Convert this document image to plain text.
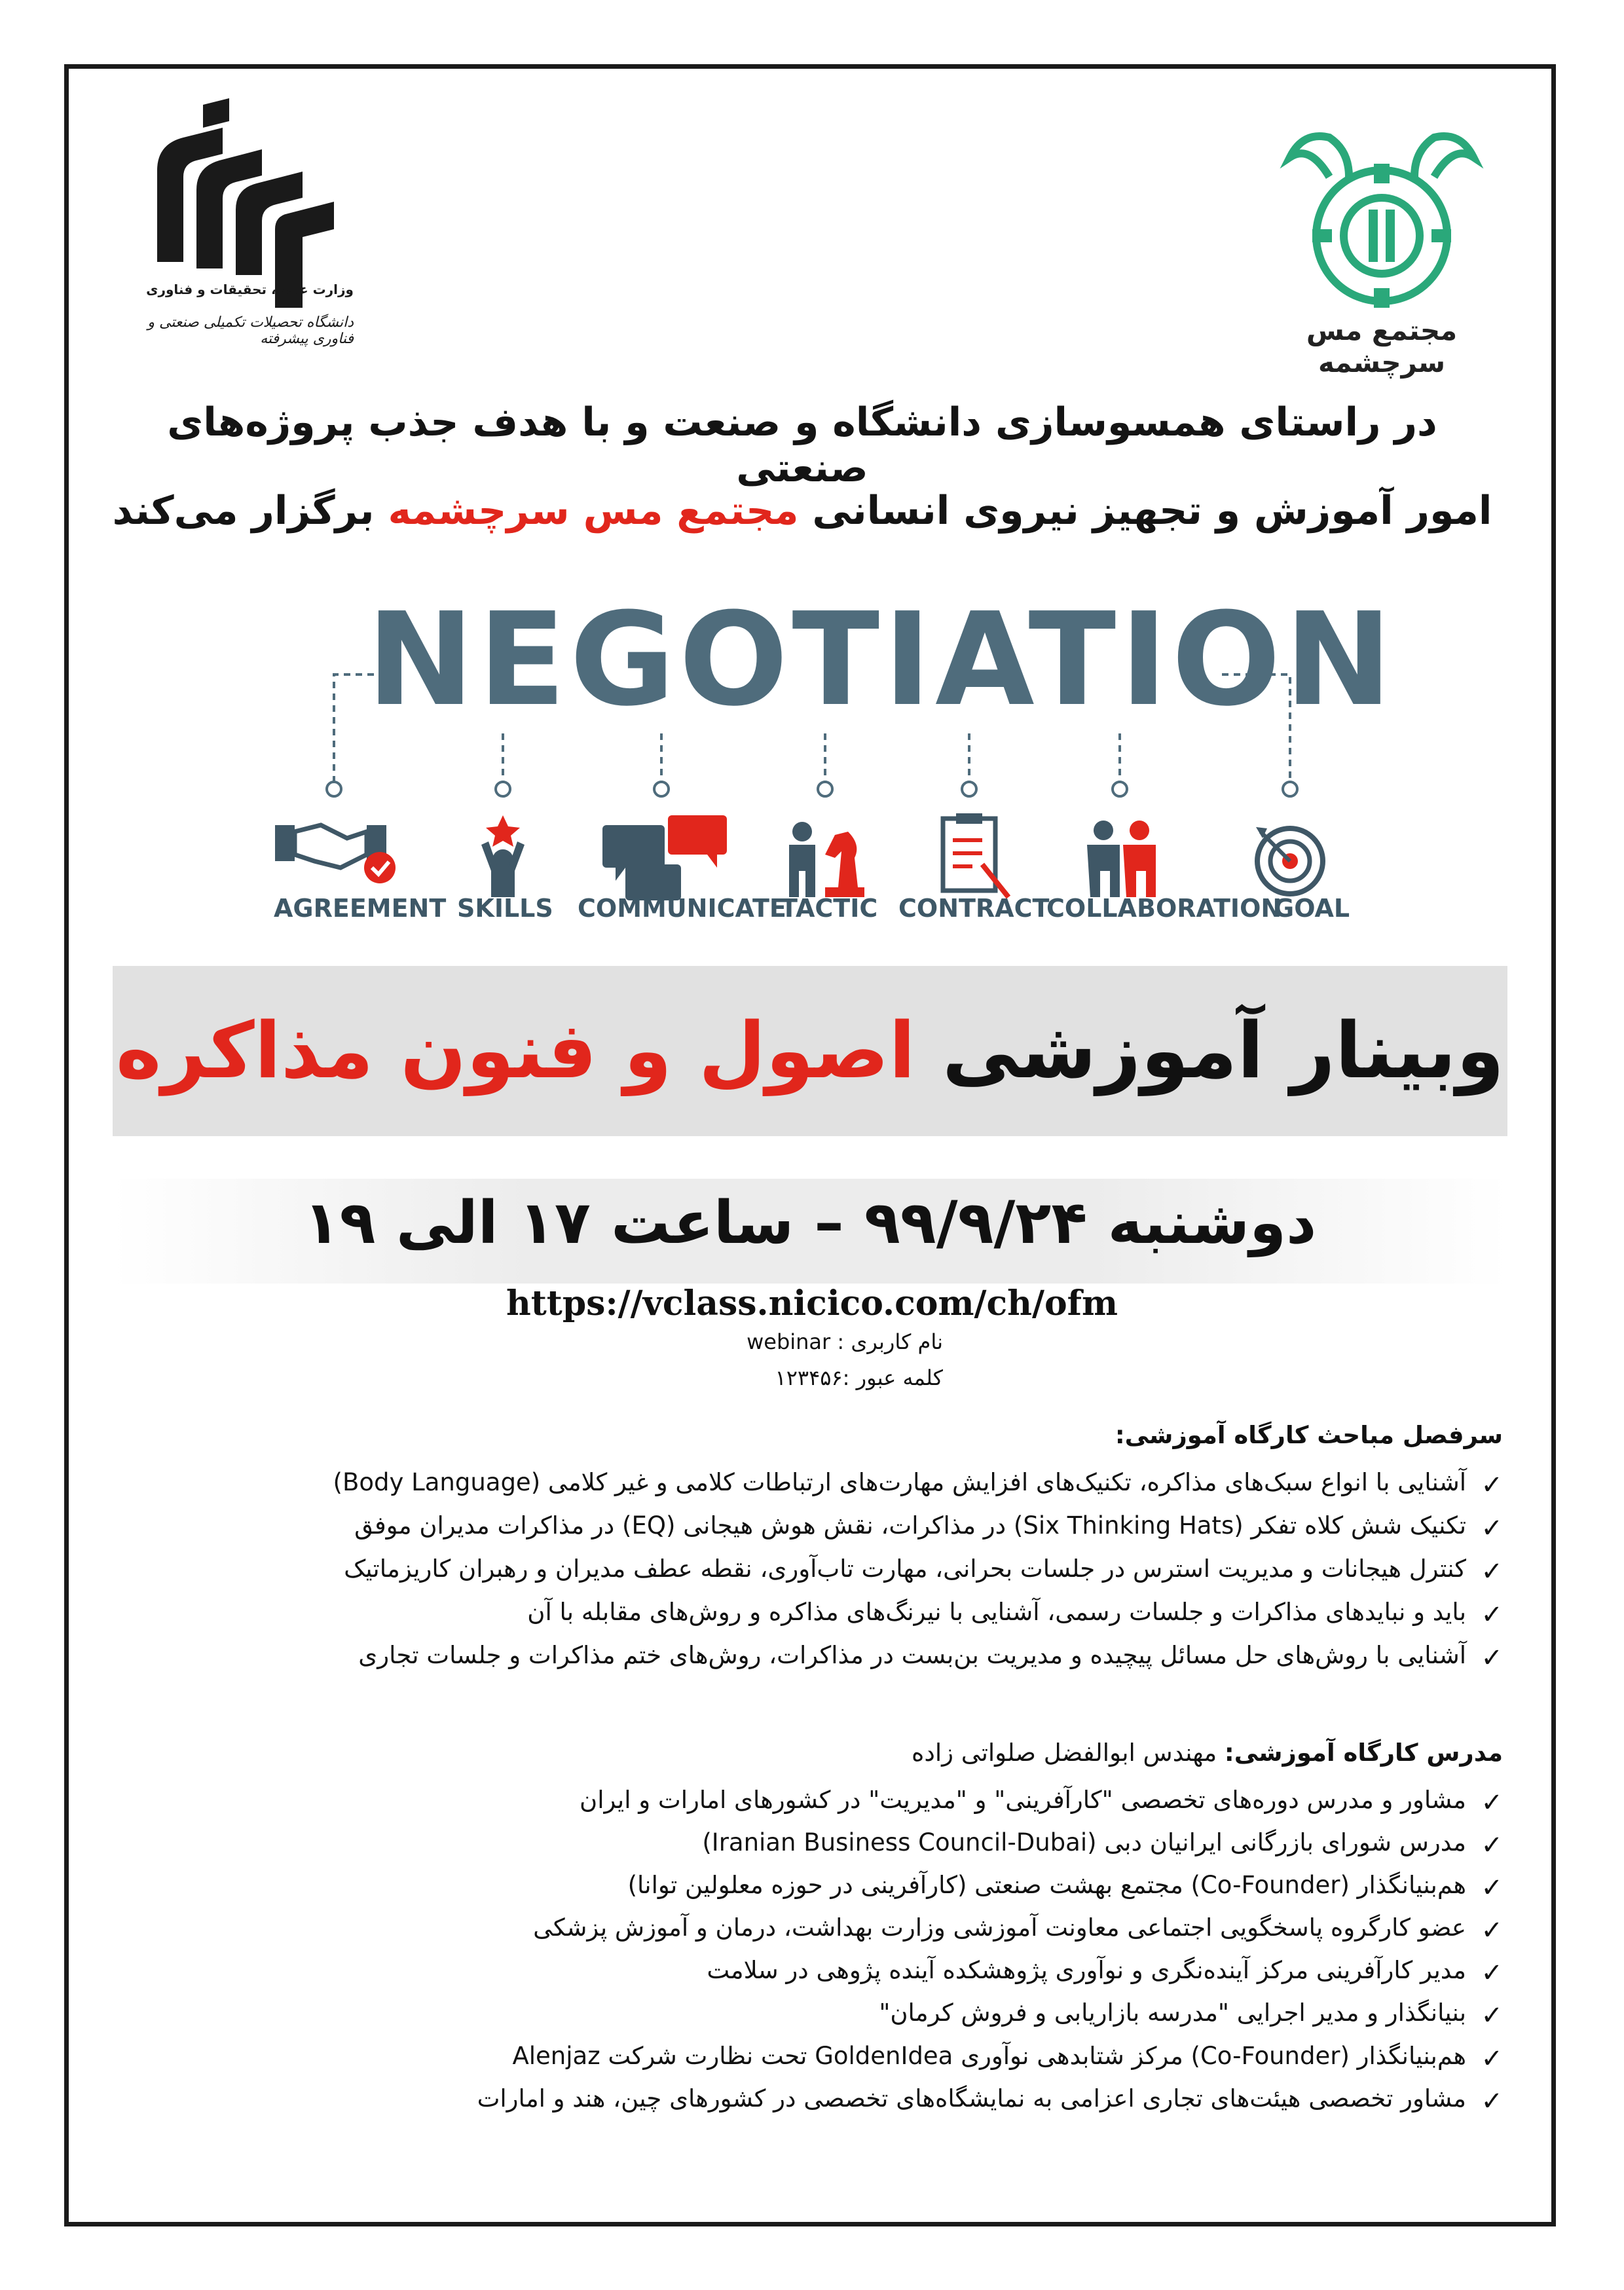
وزارت علوم، تحقیقات و فناوری
دانشگاه تحصیلات تکمیلی صنعتی و فناوری پیشرفته	مجتمع مس سرچشمه
در راستای همسوسازی دانشگاه و صنعت و با هدف جذب پروژه‌های صنعتی
امور آموزش و تجهیز نیروی انسانی مجتمع مس سرچشمه برگزار می‌کند
NEGOTIATION
AGREEMENT SKILLS COMMUNICATE
TACTIC CONTRACT
COLLABORATION
GOAL
وبینار آموزشی اصول و فنون مذاکره
دوشنبه ۹۹/۹/۲۴ – ساعت ۱۷ الی ۱۹
https://vclass.nicico.com/ch/ofm
نام کاربری : webinar
کلمه عبور :۱۲۳۴۵۶
سرفصل مباحث کارگاه آموزشی:
✓
آشنایی با انواع سبک‌های مذاکره، تکنیک‌های افزایش مهارت‌های ارتباطات کلامی و غیر کلامی (Body Language)
✓
تکنیک شش کلاه تفکر (Six Thinking Hats) در مذاکرات، نقش هوش هیجانی (EQ) در مذاکرات مدیران موفق
✓
کنترل هیجانات و مدیریت استرس در جلسات بحرانی، مهارت تاب‌آوری، نقطه عطف مدیران و رهبران کاریزماتیک
✓
باید و نبایدهای مذاکرات و جلسات رسمی، آشنایی با نیرنگ‌های مذاکره و روش‌های مقابله با آن
✓
آشنایی با روش‌های حل مسائل پیچیده و مدیریت بن‌بست در مذاکرات، روش‌های ختم مذاکرات و جلسات تجاری
مدرس کارگاه آموزشی: مهندس ابوالفضل صلواتی زاده
✓
مشاور و مدرس دوره‌های تخصصی "کارآفرینی" و "مدیریت" در کشورهای امارات و ایران
✓
مدرس شورای بازرگانی ایرانیان دبی (Iranian Business Council-Dubai)
✓
هم‌بنیانگذار (Co-Founder) مجتمع بهشت صنعتی (کارآفرینی در حوزه معلولین توانا)
✓
عضو کارگروه پاسخگویی اجتماعی معاونت آموزشی وزارت بهداشت، درمان و آموزش پزشکی
✓
مدیر کارآفرینی مرکز آینده‌نگری و نوآوری پژوهشکده آینده پژوهی در سلامت
✓
بنیانگذار و مدیر اجرایی "مدرسه بازاریابی و فروش کرمان"
✓
هم‌بنیانگذار (Co-Founder) مرکز شتابدهی نوآوری GoldenIdea تحت نظارت شرکت Alenjaz
✓
مشاور تخصصی هیئت‌های تجاری اعزامی به نمایشگاه‌های تخصصی در کشورهای چین، هند و امارات
